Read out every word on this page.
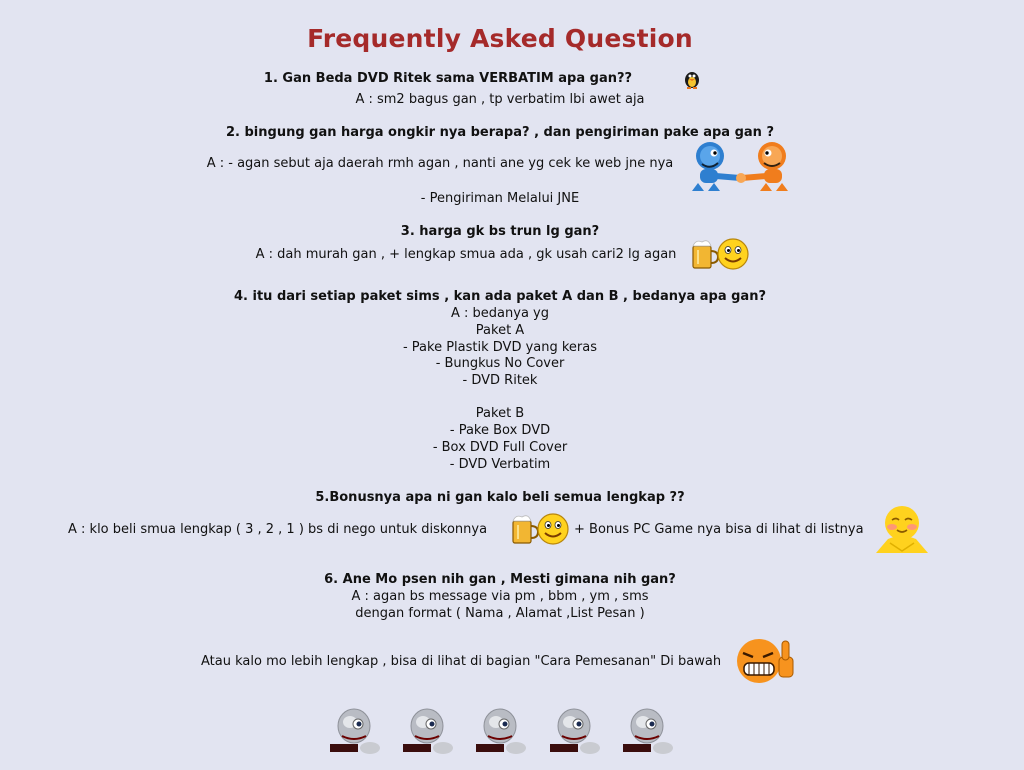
Frequently Asked Question
1. Gan Beda DVD Ritek sama VERBATIM apa gan??
A : sm2 bagus gan , tp verbatim lbi awet aja
2. bingung gan harga ongkir nya berapa? , dan pengiriman pake apa gan ?
A : - agan sebut aja daerah rmh agan , nanti ane yg cek ke web jne nya
- Pengiriman Melalui JNE
3. harga gk bs trun lg gan?
A : dah murah gan , + lengkap smua ada , gk usah cari2 lg agan
4. itu dari setiap paket sims , kan ada paket A dan B , bedanya apa gan?
A : bedanya yg
Paket A
- Pake Plastik DVD yang keras
- Bungkus No Cover
- DVD Ritek
Paket B
- Pake Box DVD
- Box DVD Full Cover
- DVD Verbatim
5.Bonusnya apa ni gan kalo beli semua lengkap ??
A : klo beli smua lengkap ( 3 , 2 , 1 ) bs di nego untuk diskonnya	+ Bonus PC Game nya bisa di lihat di listnya
6. Ane Mo psen nih gan , Mesti gimana nih gan?
A : agan bs message via pm , bbm , ym , sms
dengan format ( Nama , Alamat ,List Pesan )
Atau kalo mo lebih lengkap , bisa di lihat di bagian "Cara Pemesanan" Di bawah
